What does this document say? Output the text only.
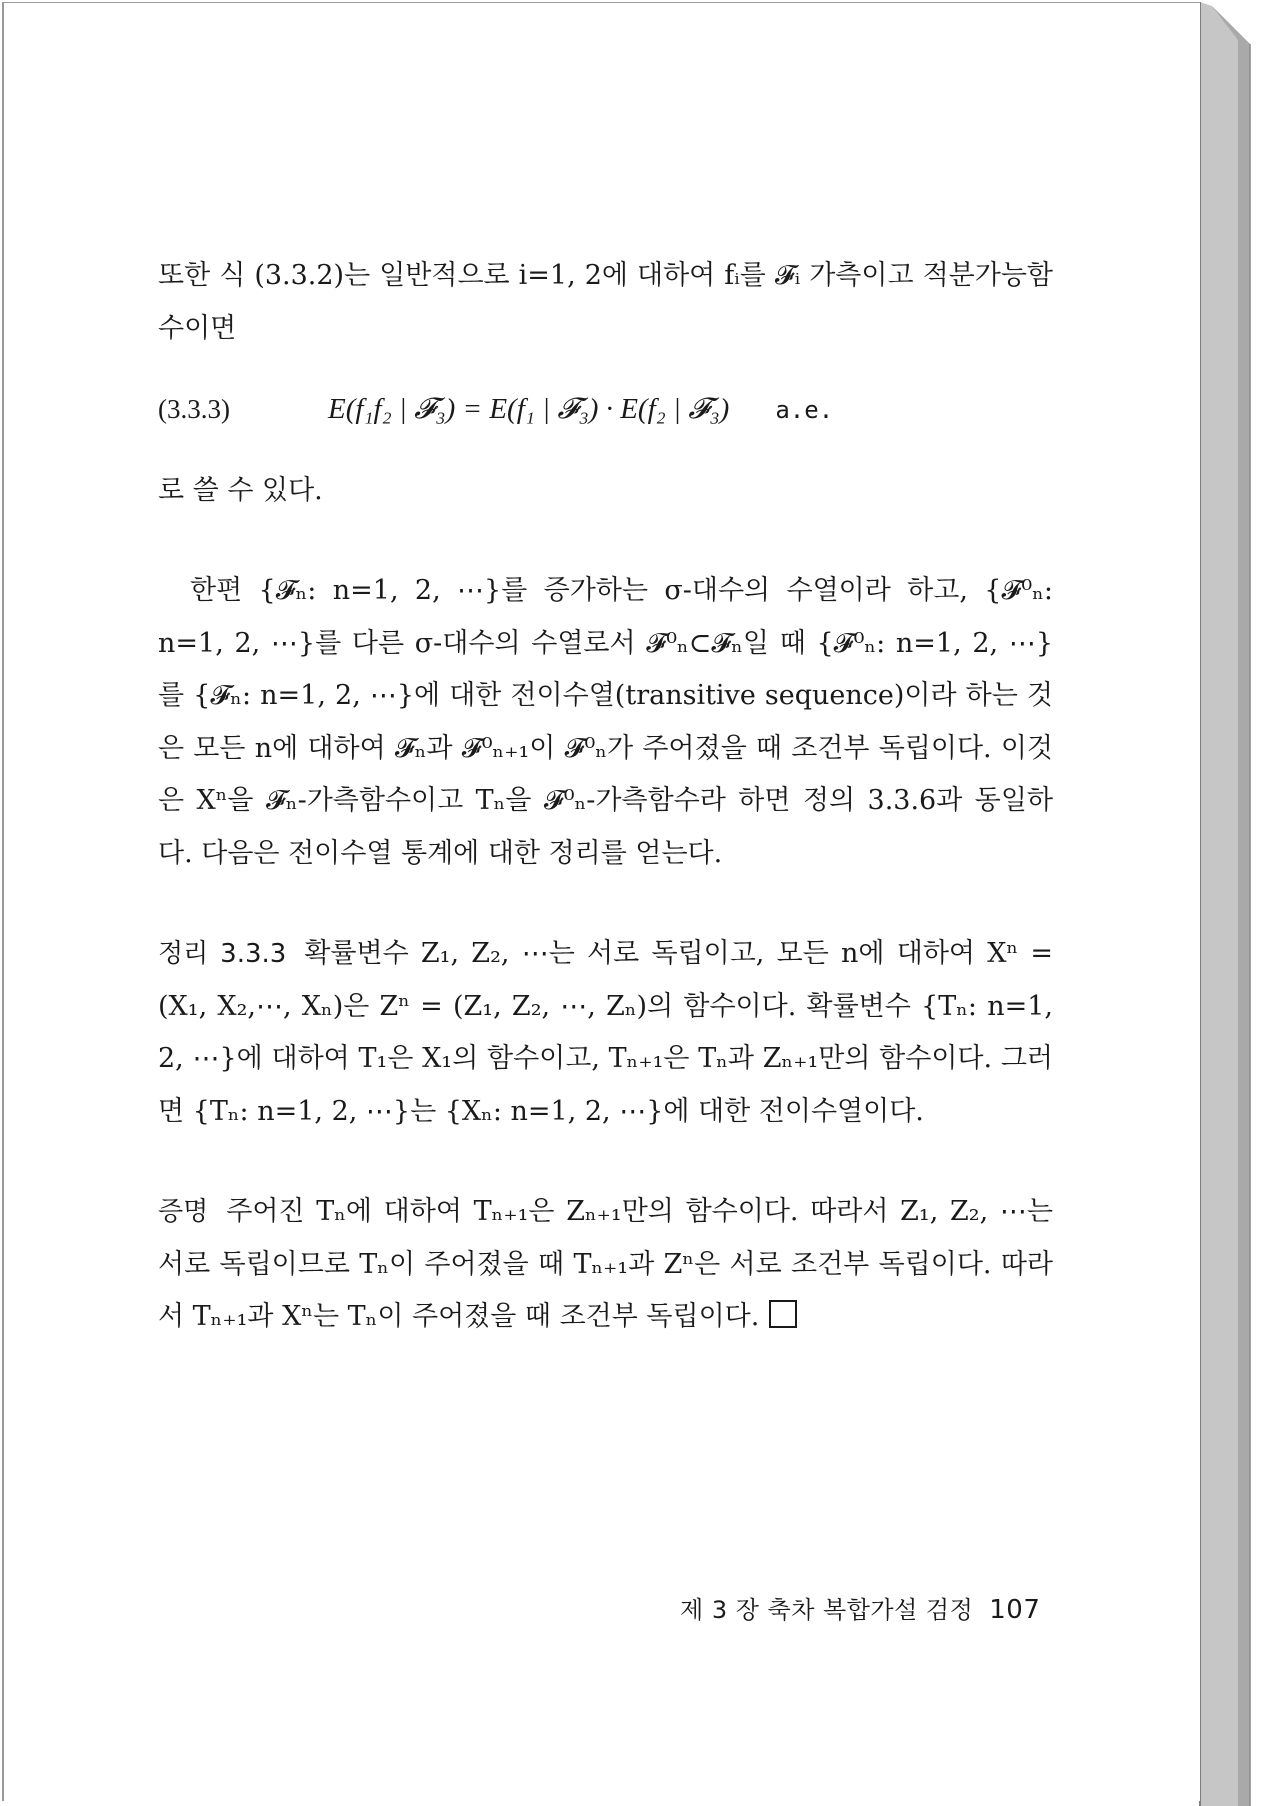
또한 식 (3.3.2)는 일반적으로 i=1, 2에 대하여 fᵢ를 𝓕ᵢ 가측이고 적분가능함수이면

(3.3.3)	E(f₁f₂ | 𝓕₃) = E(f₁ | 𝓕₃) · E(f₂ | 𝓕₃) a.e.

로 쓸 수 있다.

한편 {𝓕ₙ: n=1, 2, ⋯}를 증가하는 σ-대수의 수열이라 하고, {𝓕⁰ₙ: n=1, 2, ⋯}를 다른 σ-대수의 수열로서 𝓕⁰ₙ⊂𝓕ₙ일 때 {𝓕⁰ₙ: n=1, 2, ⋯}를 {𝓕ₙ: n=1, 2, ⋯}에 대한 전이수열(transitive sequence)이라 하는 것은 모든 n에 대하여 𝓕ₙ과 𝓕⁰ₙ₊₁이 𝓕⁰ₙ가 주어졌을 때 조건부 독립이다. 이것은 Xⁿ을 𝓕ₙ-가측함수이고 Tₙ을 𝓕⁰ₙ-가측함수라 하면 정의 3.3.6과 동일하다. 다음은 전이수열 통계에 대한 정리를 얻는다.

정리 3.3.3 확률변수 Z₁, Z₂, ⋯는 서로 독립이고, 모든 n에 대하여 Xⁿ = (X₁, X₂,⋯, Xₙ)은 Zⁿ = (Z₁, Z₂, ⋯, Zₙ)의 함수이다. 확률변수 {Tₙ: n=1, 2, ⋯}에 대하여 T₁은 X₁의 함수이고, Tₙ₊₁은 Tₙ과 Zₙ₊₁만의 함수이다. 그러면 {Tₙ: n=1, 2, ⋯}는 {Xₙ: n=1, 2, ⋯}에 대한 전이수열이다.

증명 주어진 Tₙ에 대하여 Tₙ₊₁은 Zₙ₊₁만의 함수이다. 따라서 Z₁, Z₂, ⋯는 서로 독립이므로 Tₙ이 주어졌을 때 Tₙ₊₁과 Zⁿ은 서로 조건부 독립이다. 따라서 Tₙ₊₁과 Xⁿ는 Tₙ이 주어졌을 때 조건부 독립이다.

제 3 장 축차 복합가설 검정 107
